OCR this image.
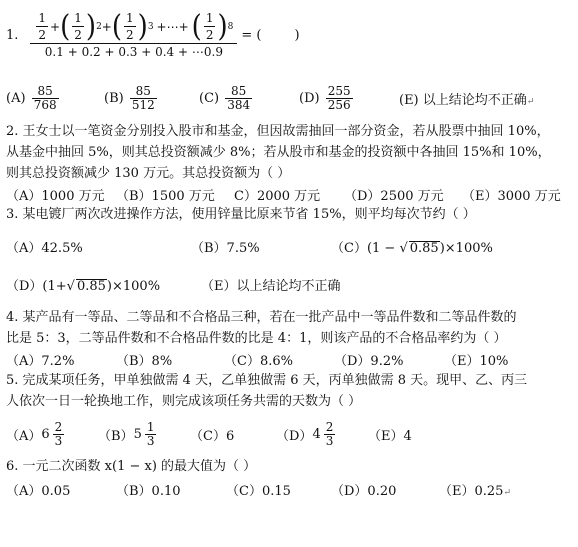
1. $\frac{1}{2}$ + ( $\frac{1}{2}$ ) 2 + ( $\frac{1}{2}$ ) 3 +⋯+ ( $\frac{1}{2}$ ) 8
0.1 + 0.2 + 0.3 + 0.4 + ⋯0.9
= (        )
$(A) \frac{85}{768}$	$(B) \frac{85}{512}$	$(C) \frac{85}{384}$	$(D) \frac{255}{256}$	(E) 以上结论均不正确↵
2. 王女士以一笔资金分别投入股市和基金，但因故需抽回一部分资金，若从股票中抽回 10%，
从基金中抽回 5%，则其总投资额减少 8%；若从股市和基金的投资额中各抽回 15%和 10%，
则其总投资额减少 130 万元。其总投资额为（ ）
（A）1000 万元 （B）1500 万元	C）2000 万元	（D）2500 万元	（E）3000 万元
3. 某电镀厂两次改进操作方法，使用锌量比原来节省 15%，则平均每次节约（ ）
（A）42.5%	（B）7.5%	（C）(1 − √ 0.85)×100%
（D）(1+√ 0.85)×100%	（E）以上结论均不正确
4. 某产品有一等品、二等品和不合格品三种，若在一批产品中一等品件数和二等品件数的
比是 5：3，二等品件数和不合格品件数的比是 4：1，则该产品的不合格品率约为（ ）
（A）7.2%	（B）8%	（C）8.6%	（D）9.2%	（E）10%
5. 完成某项任务，甲单独做需 4 天，乙单独做需 6 天，丙单独做需 8 天。现甲、乙、丙三
人依次一日一轮换地工作，则完成该项任务共需的天数为（ ）
（A） $6 \frac{2}{3}$	（B） $5 \frac{1}{3}$	（C）6	（D） $4 \frac{2}{3}$	（E）4
6. 一元二次函数 x(1 − x) 的最大值为（ ）
（A）0.05	（B）0.10	（C）0.15	（D）0.20	（E）0.25↵
